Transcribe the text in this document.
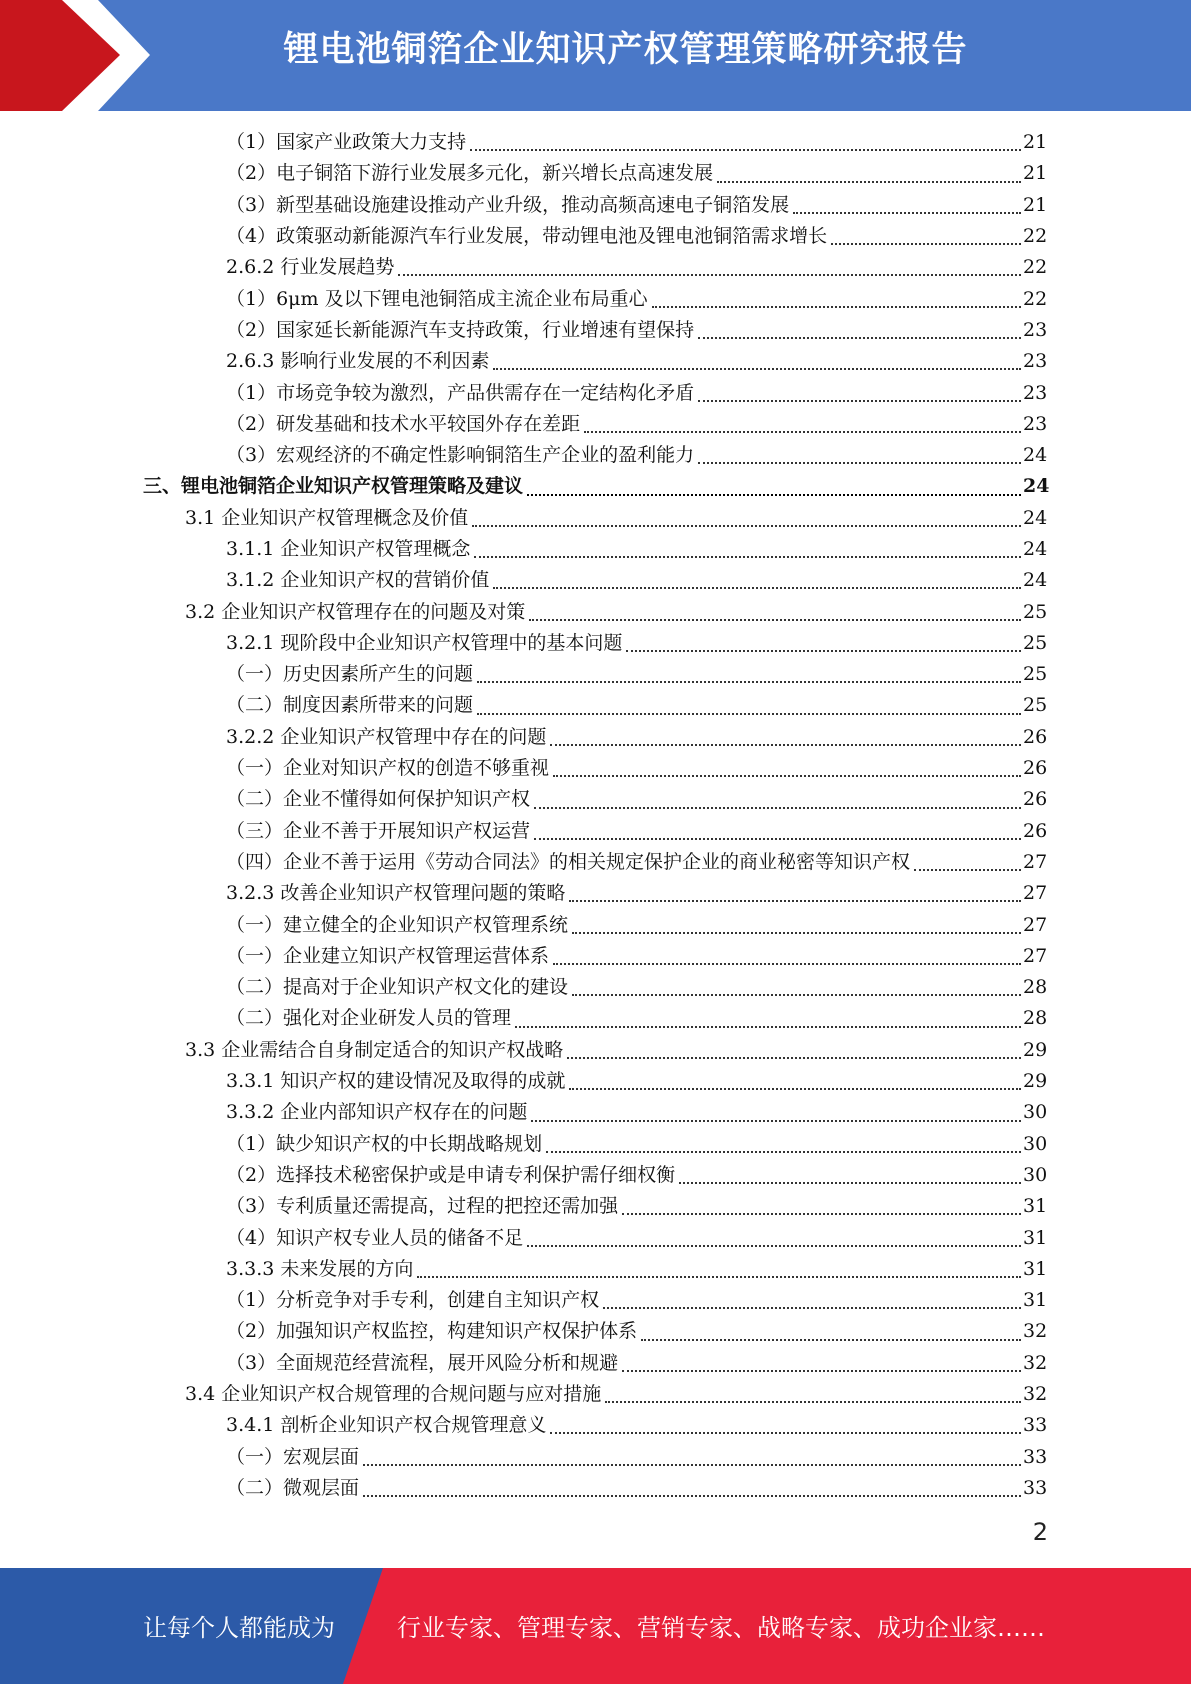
锂电池铜箔企业知识产权管理策略研究报告
（1）国家产业政策大力支持	21
（2）电子铜箔下游行业发展多元化，新兴增长点高速发展	21
（3）新型基础设施建设推动产业升级，推动高频高速电子铜箔发展	21
（4）政策驱动新能源汽车行业发展，带动锂电池及锂电池铜箔需求增长	22
2.6.2 行业发展趋势	22
（1）6μm 及以下锂电池铜箔成主流企业布局重心	22
（2）国家延长新能源汽车支持政策，行业增速有望保持	23
2.6.3 影响行业发展的不利因素	23
（1）市场竞争较为激烈，产品供需存在一定结构化矛盾	23
（2）研发基础和技术水平较国外存在差距	23
（3）宏观经济的不确定性影响铜箔生产企业的盈利能力	24
三、锂电池铜箔企业知识产权管理策略及建议	24
3.1 企业知识产权管理概念及价值	24
3.1.1 企业知识产权管理概念	24
3.1.2 企业知识产权的营销价值	24
3.2 企业知识产权管理存在的问题及对策	25
3.2.1 现阶段中企业知识产权管理中的基本问题	25
（一）历史因素所产生的问题	25
（二）制度因素所带来的问题	25
3.2.2 企业知识产权管理中存在的问题	26
（一）企业对知识产权的创造不够重视	26
（二）企业不懂得如何保护知识产权	26
（三）企业不善于开展知识产权运营	26
（四）企业不善于运用《劳动合同法》的相关规定保护企业的商业秘密等知识产权	27
3.2.3 改善企业知识产权管理问题的策略	27
（一）建立健全的企业知识产权管理系统	27
（一）企业建立知识产权管理运营体系	27
（二）提高对于企业知识产权文化的建设	28
（二）强化对企业研发人员的管理	28
3.3 企业需结合自身制定适合的知识产权战略	29
3.3.1 知识产权的建设情况及取得的成就	29
3.3.2 企业内部知识产权存在的问题	30
（1）缺少知识产权的中长期战略规划	30
（2）选择技术秘密保护或是申请专利保护需仔细权衡	30
（3）专利质量还需提高，过程的把控还需加强	31
（4）知识产权专业人员的储备不足	31
3.3.3 未来发展的方向	31
（1）分析竞争对手专利，创建自主知识产权	31
（2）加强知识产权监控，构建知识产权保护体系	32
（3）全面规范经营流程，展开风险分析和规避	32
3.4 企业知识产权合规管理的合规问题与应对措施	32
3.4.1 剖析企业知识产权合规管理意义	33
（一）宏观层面	33
（二）微观层面	33
2
让每个人都能成为	行业专家、管理专家、营销专家、战略专家、成功企业家……
